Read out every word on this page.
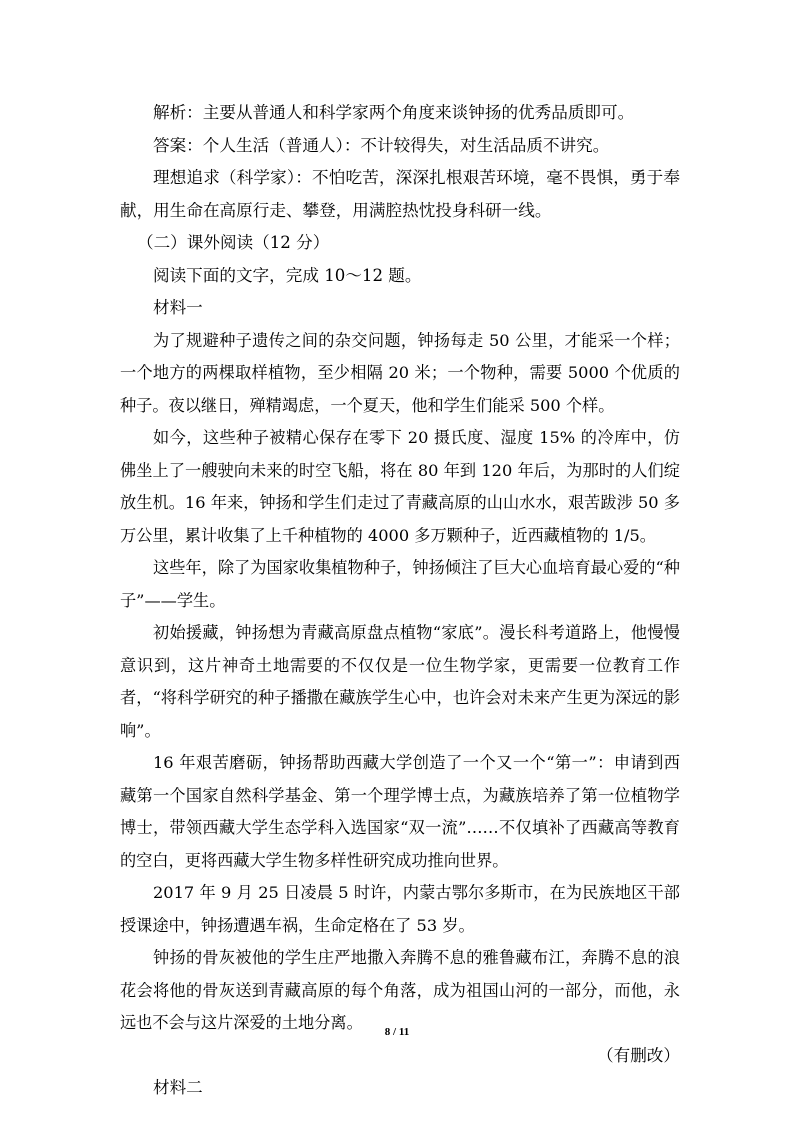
解析：主要从普通人和科学家两个角度来谈钟扬的优秀品质即可。

答案：个人生活（普通人）：不计较得失，对生活品质不讲究。

理想追求（科学家）：不怕吃苦，深深扎根艰苦环境，毫不畏惧，勇于奉献，用生命在高原行走、攀登，用满腔热忱投身科研一线。

（二）课外阅读（12 分）

阅读下面的文字，完成 10～12 题。

材料一

为了规避种子遗传之间的杂交问题，钟扬每走 50 公里，才能采一个样；一个地方的两棵取样植物，至少相隔 20 米；一个物种，需要 5000 个优质的种子。夜以继日，殚精竭虑，一个夏天，他和学生们能采 500 个样。

如今，这些种子被精心保存在零下 20 摄氏度、湿度 15% 的冷库中，仿佛坐上了一艘驶向未来的时空飞船，将在 80 年到 120 年后，为那时的人们绽放生机。16 年来，钟扬和学生们走过了青藏高原的山山水水，艰苦跋涉 50 多万公里，累计收集了上千种植物的 4000 多万颗种子，近西藏植物的 1/5。

这些年，除了为国家收集植物种子，钟扬倾注了巨大心血培育最心爱的“种子”——学生。

初始援藏，钟扬想为青藏高原盘点植物“家底”。漫长科考道路上，他慢慢意识到，这片神奇土地需要的不仅仅是一位生物学家，更需要一位教育工作者，“将科学研究的种子播撒在藏族学生心中，也许会对未来产生更为深远的影响”。

16 年艰苦磨砺，钟扬帮助西藏大学创造了一个又一个“第一”：申请到西藏第一个国家自然科学基金、第一个理学博士点，为藏族培养了第一位植物学博士，带领西藏大学生态学科入选国家“双一流”……不仅填补了西藏高等教育的空白，更将西藏大学生物多样性研究成功推向世界。

2017 年 9 月 25 日凌晨 5 时许，内蒙古鄂尔多斯市，在为民族地区干部授课途中，钟扬遭遇车祸，生命定格在了 53 岁。

钟扬的骨灰被他的学生庄严地撒入奔腾不息的雅鲁藏布江，奔腾不息的浪花会将他的骨灰送到青藏高原的每个角落，成为祖国山河的一部分，而他，永远也不会与这片深爱的土地分离。

（有删改）

材料二

8 / 11
